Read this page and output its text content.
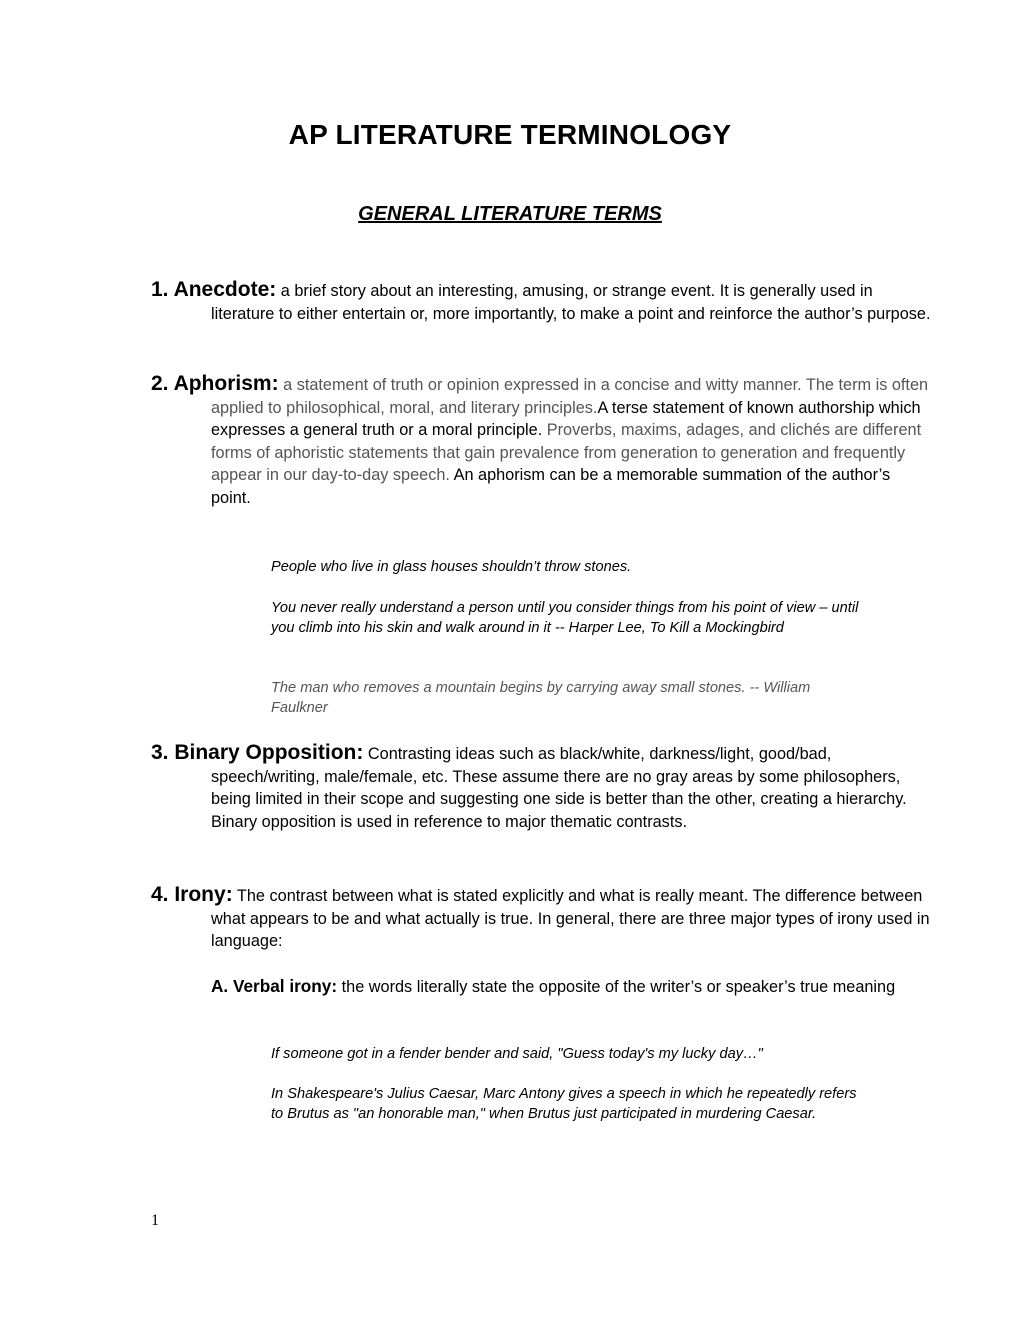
AP LITERATURE TERMINOLOGY
GENERAL LITERATURE TERMS
1. Anecdote: a brief story about an interesting, amusing, or strange event. It is generally used in literature to either entertain or, more importantly, to make a point and reinforce the author’s purpose.
2. Aphorism: a statement of truth or opinion expressed in a concise and witty manner. The term is often applied to philosophical, moral, and literary principles.A terse statement of known authorship which expresses a general truth or a moral principle. Proverbs, maxims, adages, and clichés are different forms of aphoristic statements that gain prevalence from generation to generation and frequently appear in our day-to-day speech. An aphorism can be a memorable summation of the author’s point.
People who live in glass houses shouldn’t throw stones.
You never really understand a person until you consider things from his point of view – until you climb into his skin and walk around in it -- Harper Lee, To Kill a Mockingbird
The man who removes a mountain begins by carrying away small stones. -- William Faulkner
3. Binary Opposition: Contrasting ideas such as black/white, darkness/light, good/bad, speech/writing, male/female, etc. These assume there are no gray areas by some philosophers, being limited in their scope and suggesting one side is better than the other, creating a hierarchy. Binary opposition is used in reference to major thematic contrasts.
4. Irony: The contrast between what is stated explicitly and what is really meant. The difference between what appears to be and what actually is true. In general, there are three major types of irony used in language:
A. Verbal irony: the words literally state the opposite of the writer’s or speaker’s true meaning
If someone got in a fender bender and said, "Guess today's my lucky day…"
In Shakespeare's Julius Caesar, Marc Antony gives a speech in which he repeatedly refers to Brutus as "an honorable man," when Brutus just participated in murdering Caesar.
1
